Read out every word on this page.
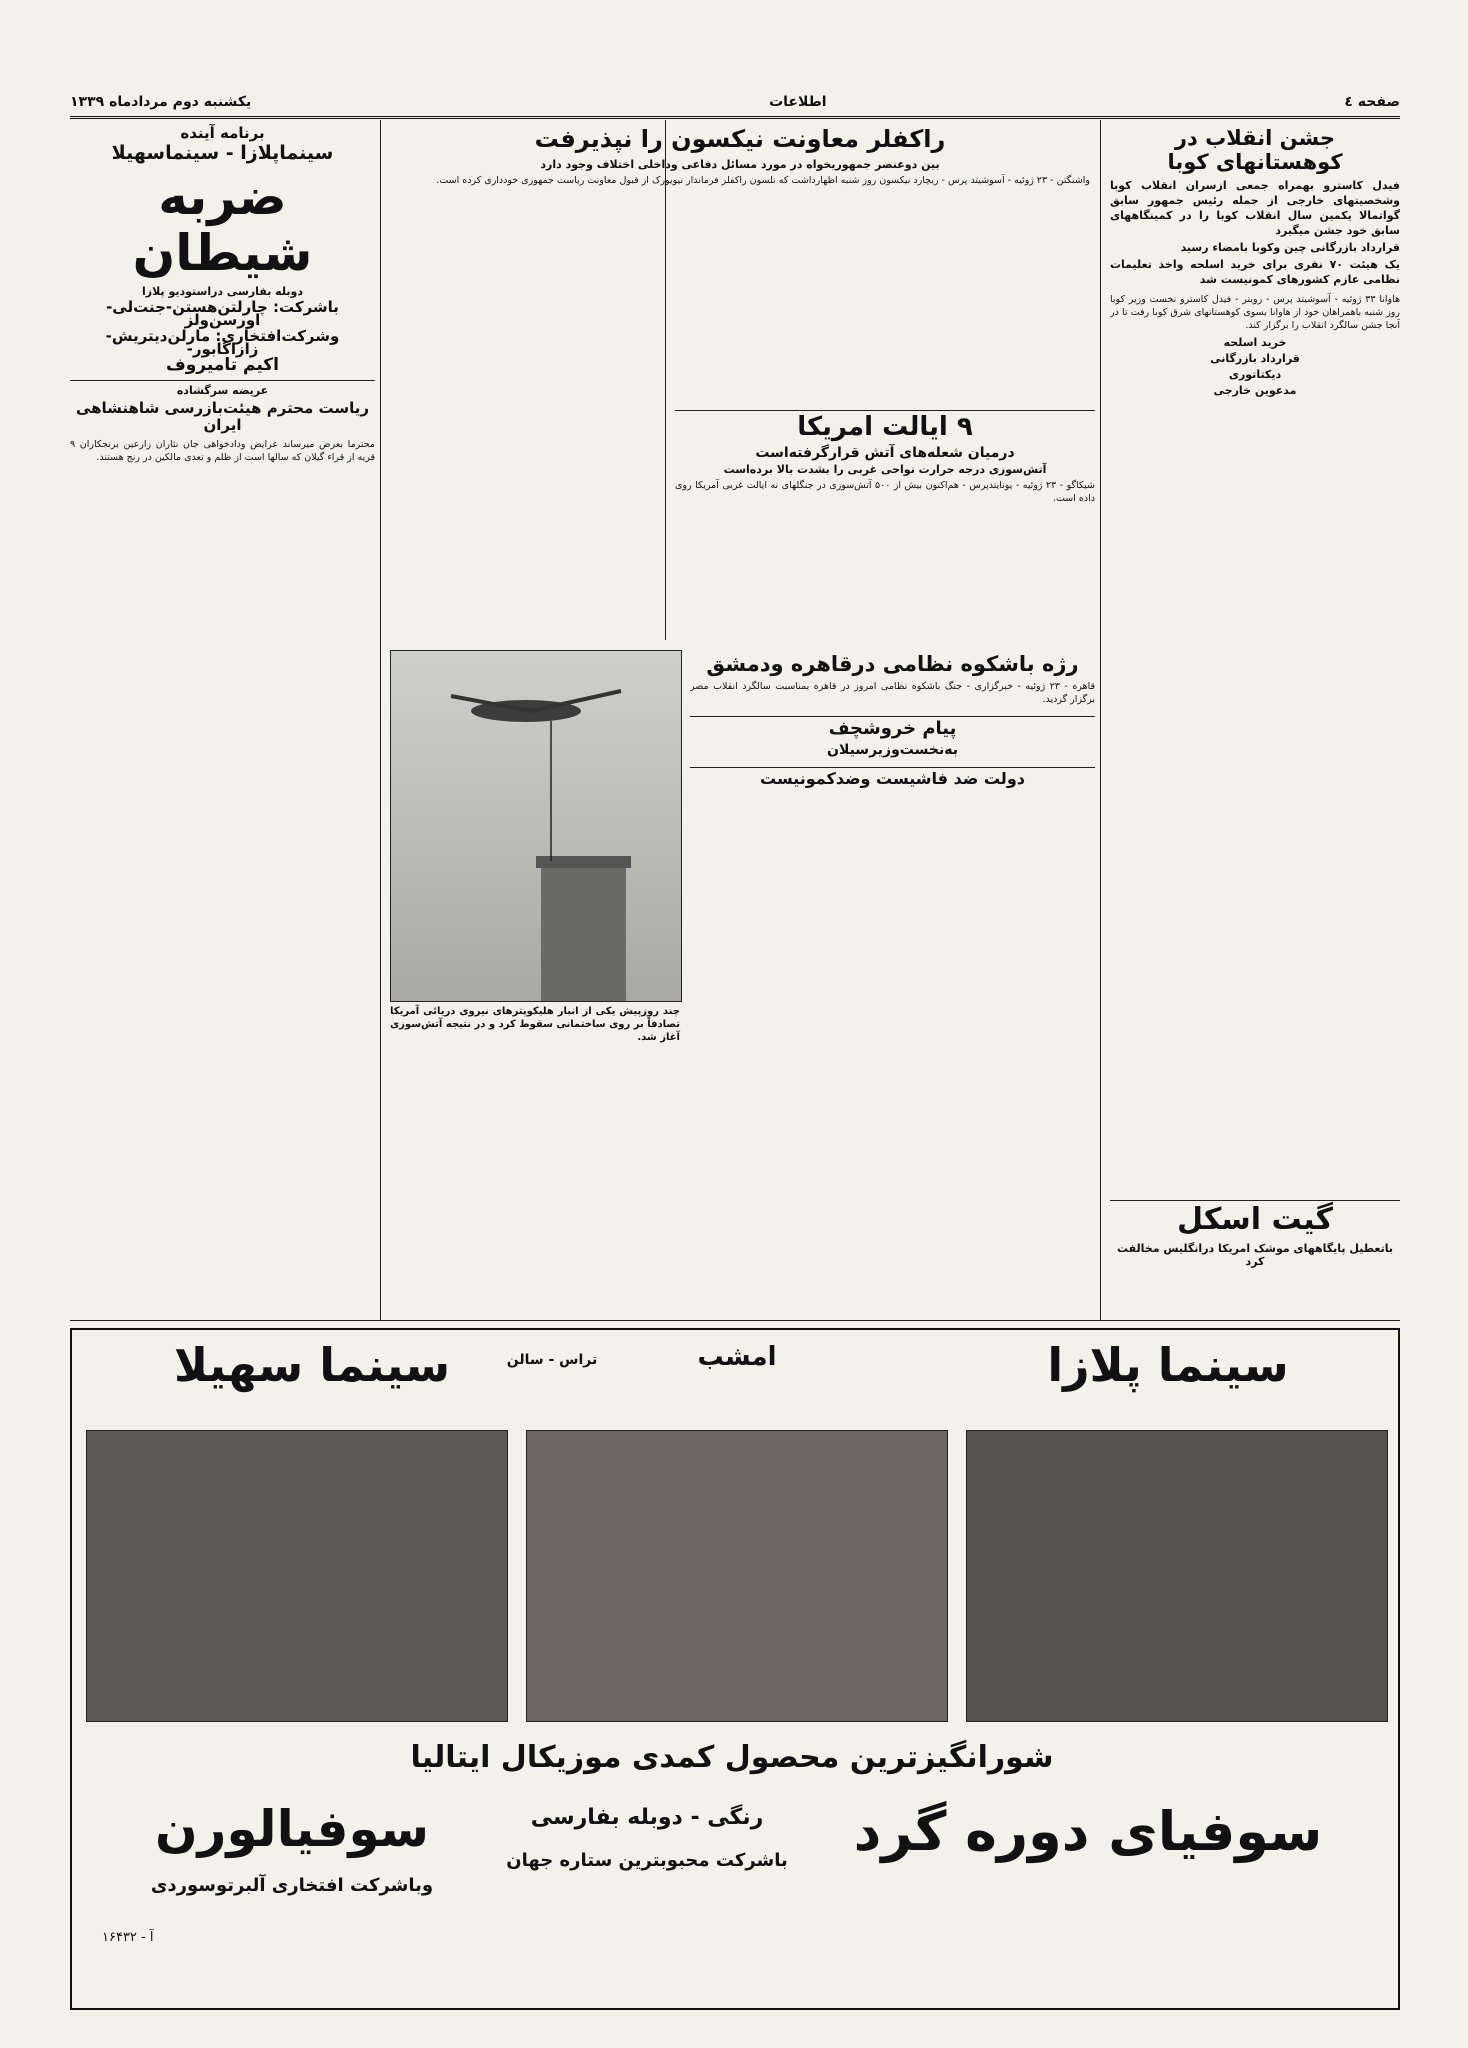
صفحه ٤
اطلاعات
یکشنبه دوم مردادماه ۱۳۳۹
جشن انقلاب در کوهستانهای کوبا
فیدل کاسترو بهمراه جمعی ازسران انقلاب کوبا وشخصیتهای خارجی از جمله رئیس جمهور سابق گواتمالا یکمین سال انقلاب کوبا را در کمینگاههای سابق خود جشن میگیرد
قرارداد بازرگانی چین وکوبا بامضاء رسید
یک هیئت ۷۰ نفری برای خرید اسلحه واخذ تعلیمات نظامی عازم کشورهای کمونیست شد

هاوانا ۳۳ ژوئیه - آسوشیتد پرس - رویتر - فیدل کاسترو نخست وزیر کوبا روز شنبه باهمراهان خود از هاوانا بسوی کوهستانهای شرق کوبا رفت تا در آنجا جشن سالگرد انقلاب را برگزار کند.

خرید اسلحه
قرارداد بازرگانی
دیکتاتوری
مدعوین خارجی
گیت اسکل
باتعطیل پایگاههای موشک امریکا درانگلیس مخالفت کرد
راکفلر معاونت نیکسون را نپذیرفت
بین دوعنصر جمهوریخواه در مورد مسائل دفاعی وداخلی اختلاف وجود دارد

واشنگتن - ۲۳ ژوئیه - آسوشیتد پرس - ریچارد نیکسون روز شنبه اظهارداشت که نلسون راکفلر فرماندار نیویورک از قبول معاونت ریاست جمهوری خودداری کرده است.

۹ ایالت امریکا
درمیان شعله‌های آتش قرارگرفته‌است
آتش‌سوزی درجه حرارت نواحی غربی را بشدت بالا برده‌است

شیکاگو - ۲۳ ژوئیه - یونایتدپرس - هم‌اکنون بیش از ۵۰۰ آتش‌سوزی در جنگلهای نه ایالت غربی آمریکا روی داده است.

برنامه آینده
سینماپلازا - سینماسهیلا
ضربه شیطان
دوبله بفارسی دراستودیو پلازا
باشرکت: چارلتن‌هستن-جنت‌لی-اورسن‌ولز
وشرکت‌افتخاری: مارلن‌دیتریش- زازاگابور-
اکیم تامیروف
عریضه سرگشاده
ریاست محترم هیئت‌بازرسی شاهنشاهی ایران

محترما بعرض میرساند عرایض ودادخواهی جان نثاران زارعین برنجکاران ۹ قریه از قراء گیلان که سالها است از ظلم و تعدی مالکین در رنج هستند.

چند روزپیش یکی از انبار هلیکوپترهای نیروی دریائی آمریکا تصادفاً بر روی ساختمانی سقوط کرد و در نتیجه آتش‌سوزی آغاز شد.
رژه باشکوه نظامی درقاهره ودمشق

قاهره - ۲۳ ژوئیه - خبرگزاری - جنگ باشکوه نظامی امروز در قاهره بمناسبت سالگرد انقلاب مصر برگزار گردید.

پیام خروشچف
به‌نخست‌وزیرسیلان
دولت ضد فاشیست وضدکمونیست
سینما پلازا
امشب
سینما سهیلا	تراس - سالن
شورانگیزترین محصول کمدی موزیکال ایتالیا
سوفیای دوره گرد
رنگی - دوبله بفارسی
باشرکت محبوبترین ستاره جهان
سوفیالورن
وباشرکت افتخاری آلبرتوسوردی
آ - ۱۶۴۳۲
